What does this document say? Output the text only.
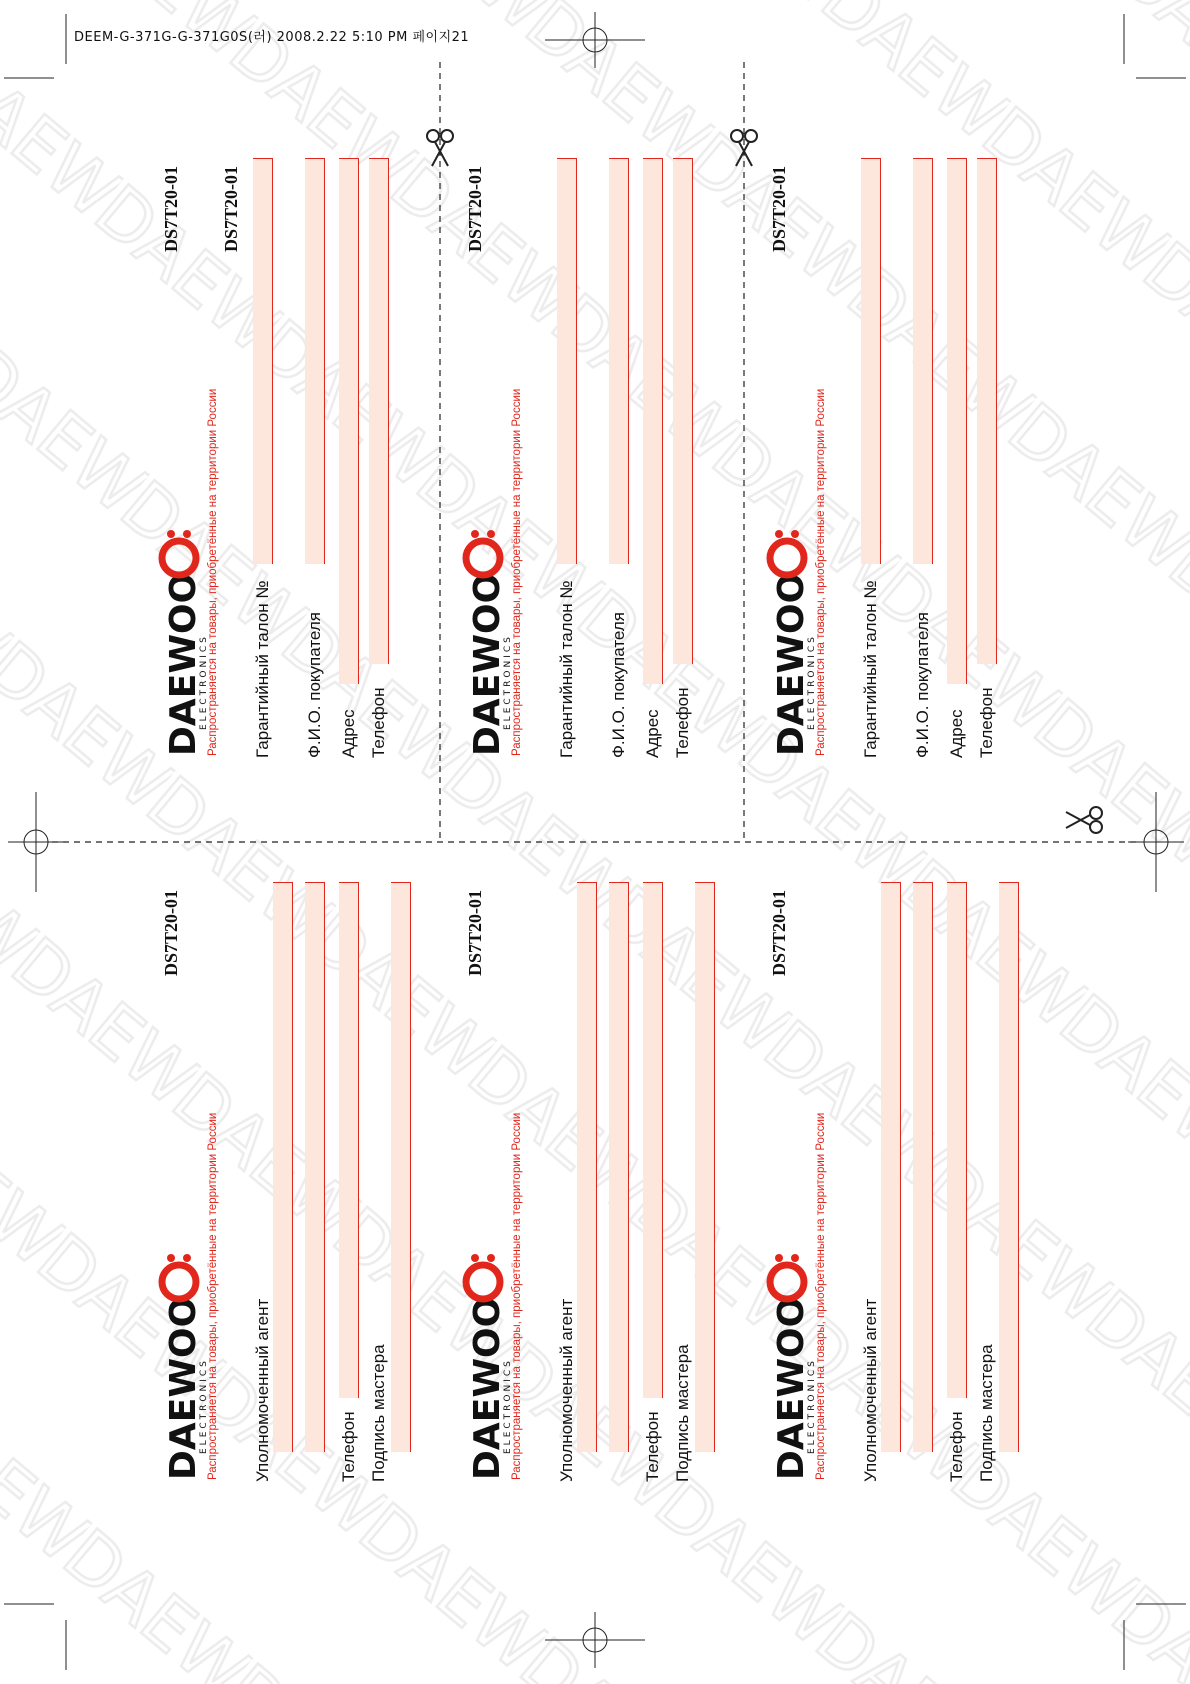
DEEM-G-371G-G-371G0S(러) 2008.2.22 5:10 PM 페이지21
DAEWOO
ELECTRONICS
Распространяется на товары, приобретённые на территории России
DS7T20-01 DS7T20-01
Гарантийный талон № Ф.И.О. покупателя Адрес Телефон DAEWOO
ELECTRONICS
Распространяется на товары, приобретённые на территории России
DS7T20-01
Гарантийный талон № Ф.И.О. покупателя Адрес Телефон DAEWOO
ELECTRONICS
Распространяется на товары, приобретённые на территории России
DS7T20-01
Гарантийный талон № Ф.И.О. покупателя Адрес Телефон
DAEWOO
ELECTRONICS
Распространяется на товары, приобретённые на территории России
DS7T20-01
Уполномоченный агент	Телефон Подпись мастера DAEWOO
ELECTRONICS
Распространяется на товары, приобретённые на территории России
DS7T20-01
Уполномоченный агент	Телефон Подпись мастера DAEWOO
ELECTRONICS
Распространяется на товары, приобретённые на территории России
DS7T20-01
Уполномоченный агент	Телефон Подпись мастера
